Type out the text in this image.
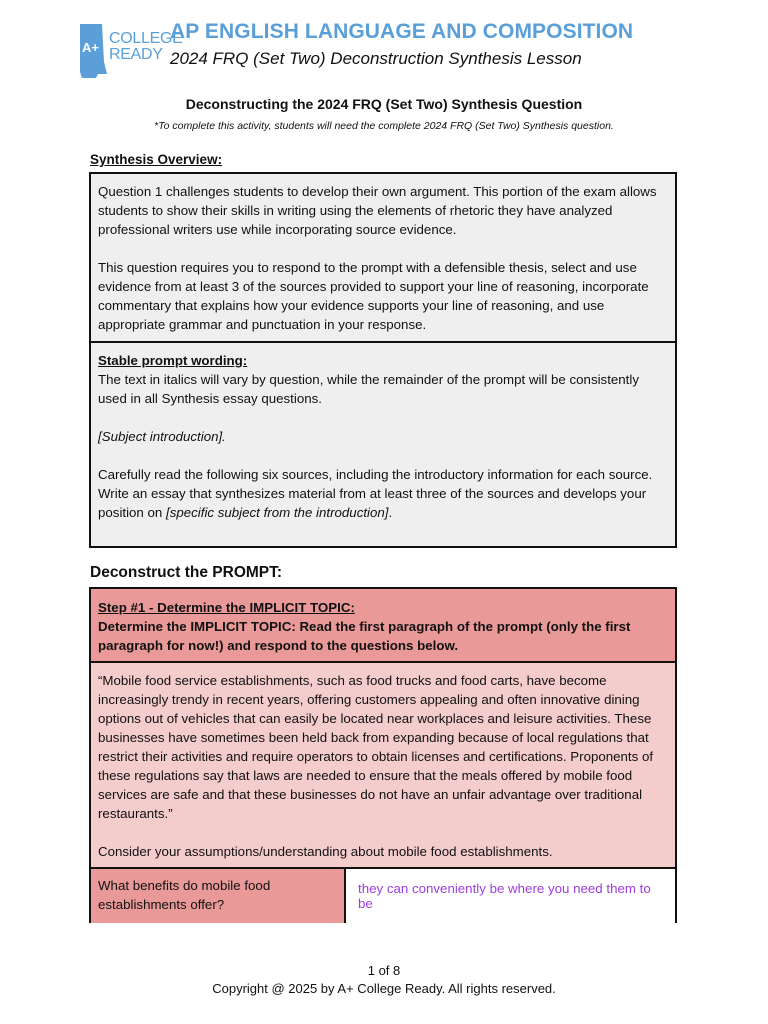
A+
COLLEGE
READY
AP ENGLISH LANGUAGE AND COMPOSITION
2024 FRQ (Set Two) Deconstruction Synthesis Lesson
Deconstructing the 2024 FRQ (Set Two) Synthesis Question
*To complete this activity, students will need the complete 2024 FRQ (Set Two) Synthesis question.
Synthesis Overview:

Question 1 challenges students to develop their own argument. This portion of the exam allows students to show their skills in writing using the elements of rhetoric they have analyzed professional writers use while incorporating source evidence.

This question requires you to respond to the prompt with a defensible thesis, select and use evidence from at least 3 of the sources provided to support your line of reasoning, incorporate commentary that explains how your evidence supports your line of reasoning, and use appropriate grammar and punctuation in your response.

Stable prompt wording:

The text in italics will vary by question, while the remainder of the prompt will be consistently used in all Synthesis essay questions.

[Subject introduction].

Carefully read the following six sources, including the introductory information for each source. Write an essay that synthesizes material from at least three of the sources and develops your position on [specific subject from the introduction].

Deconstruct the PROMPT:

Step #1 - Determine the IMPLICIT TOPIC:

Determine the IMPLICIT TOPIC: Read the first paragraph of the prompt (only the first paragraph for now!) and respond to the questions below.

“Mobile food service establishments, such as food trucks and food carts, have become increasingly trendy in recent years, offering customers appealing and often innovative dining options out of vehicles that can easily be located near workplaces and leisure activities. These businesses have sometimes been held back from expanding because of local regulations that restrict their activities and require operators to obtain licenses and certifications. Proponents of these regulations say that laws are needed to ensure that the meals offered by mobile food services are safe and that these businesses do not have an unfair advantage over traditional restaurants.”

Consider your assumptions/understanding about mobile food establishments.

What benefits do mobile food establishments offer?
they can conveniently be where you need them to be
1 of 8
Copyright @ 2025 by A+ College Ready. All rights reserved.
